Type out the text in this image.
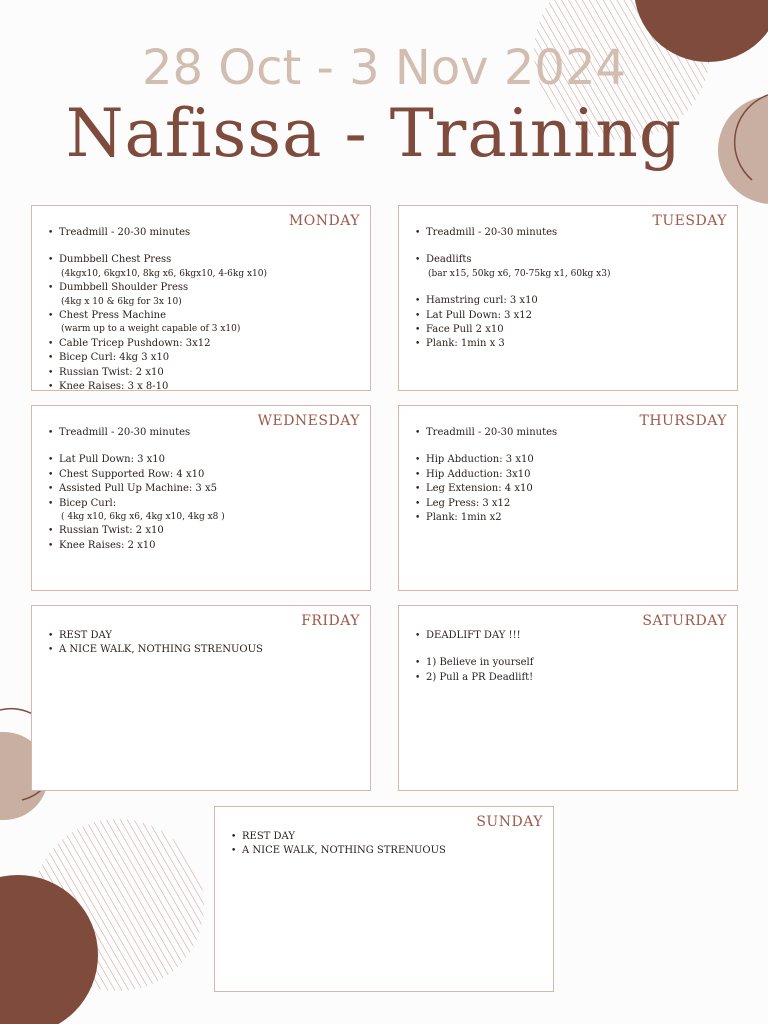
28 Oct - 3 Nov 2024
Nafissa - Training
MONDAY
• Treadmill - 20-30 minutes
• Dumbbell Chest Press
(4kgx10, 6kgx10, 8kg x6, 6kgx10, 4-6kg x10)
• Dumbbell Shoulder Press
(4kg x 10 & 6kg for 3x 10)
• Chest Press Machine
(warm up to a weight capable of 3 x10)
• Cable Tricep Pushdown: 3x12
• Bicep Curl: 4kg 3 x10
• Russian Twist: 2 x10
• Knee Raises: 3 x 8-10
TUESDAY
• Treadmill - 20-30 minutes
• Deadlifts
(bar x15, 50kg x6, 70-75kg x1, 60kg x3)
• Hamstring curl: 3 x10
• Lat Pull Down: 3 x12
• Face Pull 2 x10
• Plank: 1min x 3
WEDNESDAY
• Treadmill - 20-30 minutes
• Lat Pull Down: 3 x10
• Chest Supported Row: 4 x10
• Assisted Pull Up Machine: 3 x5
• Bicep Curl:
( 4kg x10, 6kg x6, 4kg x10, 4kg x8 )
• Russian Twist: 2 x10
• Knee Raises: 2 x10
THURSDAY
• Treadmill - 20-30 minutes
• Hip Abduction: 3 x10
• Hip Adduction: 3x10
• Leg Extension: 4 x10
• Leg Press: 3 x12
• Plank: 1min x2
FRIDAY
• REST DAY
• A NICE WALK, NOTHING STRENUOUS
SATURDAY
• DEADLIFT DAY !!!
• 1) Believe in yourself
• 2) Pull a PR Deadlift!
SUNDAY
• REST DAY
• A NICE WALK, NOTHING STRENUOUS
